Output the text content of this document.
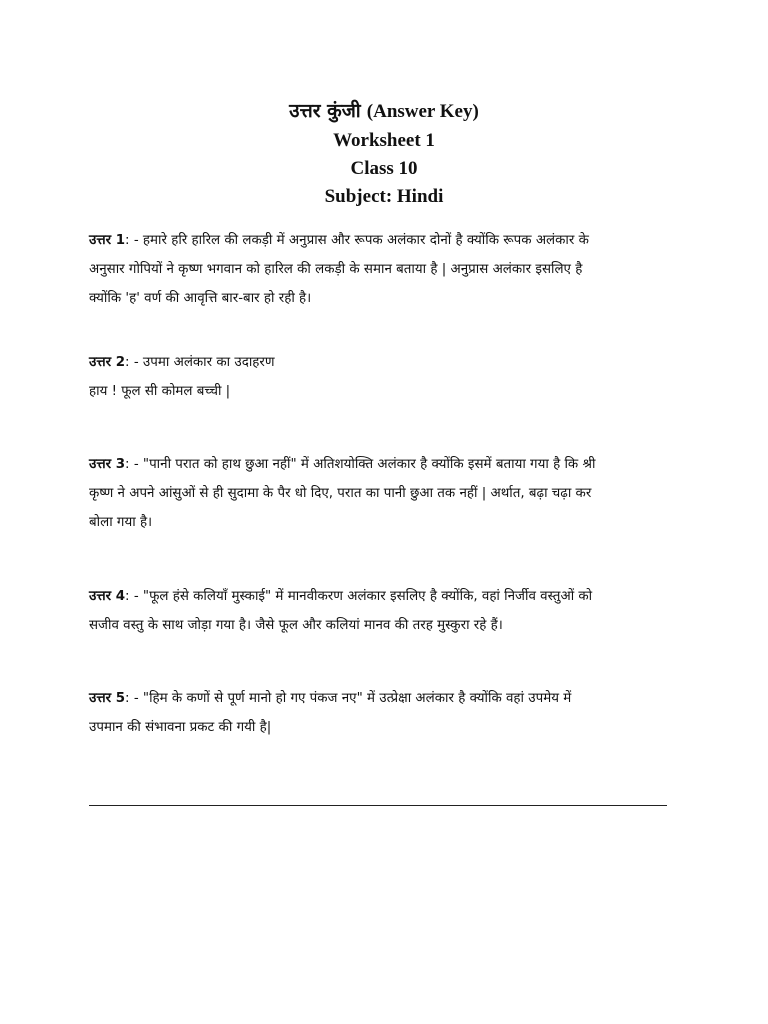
उत्तर कुंजी (Answer Key)
Worksheet 1
Class 10
Subject: Hindi
उत्तर 1: - हमारे हरि हारिल की लकड़ी में अनुप्रास और रूपक अलंकार दोनों है क्योंकि रूपक अलंकार के
अनुसार गोपियों ने कृष्ण भगवान को हारिल की लकड़ी के समान बताया है | अनुप्रास अलंकार इसलिए है
क्योंकि 'ह' वर्ण की आवृत्ति बार-बार हो रही है।
उत्तर 2: - उपमा अलंकार का उदाहरण
हाय ! फूल सी कोमल बच्ची |
उत्तर 3: - "पानी परात को हाथ छुआ नहीं" में अतिशयोक्ति अलंकार है क्योंकि इसमें बताया गया है कि श्री
कृष्ण ने अपने आंसुओं से ही सुदामा के पैर धो दिए, परात का पानी छुआ तक नहीं | अर्थात, बढ़ा चढ़ा कर
बोला गया है।
उत्तर 4: - "फूल हंसे कलियाँ मुस्काई" में मानवीकरण अलंकार इसलिए है क्योंकि, वहां निर्जीव वस्तुओं को
सजीव वस्तु के साथ जोड़ा गया है। जैसे फूल और कलियां मानव की तरह मुस्कुरा रहे हैं।
उत्तर 5: - "हिम के कणों से पूर्ण मानो हो गए पंकज नए" में उत्प्रेक्षा अलंकार है क्योंकि वहां उपमेय में
उपमान की संभावना प्रकट की गयी है|
